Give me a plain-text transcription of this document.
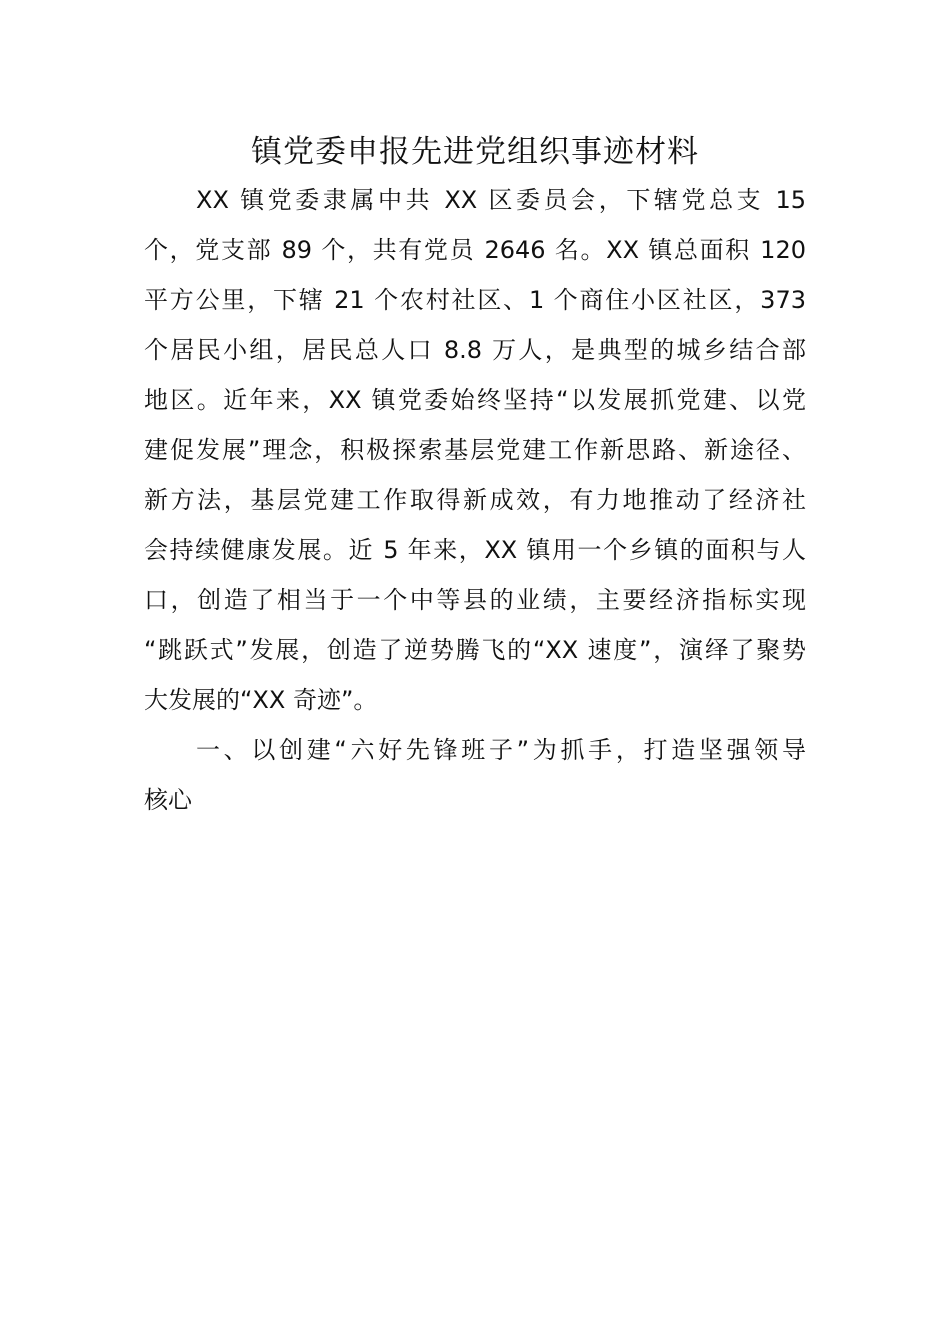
镇党委申报先进党组织事迹材料

XX 镇党委隶属中共 XX 区委员会，下辖党总支 15

个，党支部 89 个，共有党员 2646 名。XX 镇总面积 120

平方公里，下辖 21 个农村社区、1 个商住小区社区，373

个居民小组，居民总人口 8.8 万人，是典型的城乡结合部

地区。近年来，XX 镇党委始终坚持“以发展抓党建、以党

建促发展”理念，积极探索基层党建工作新思路、新途径、

新方法，基层党建工作取得新成效，有力地推动了经济社

会持续健康发展。近 5 年来，XX 镇用一个乡镇的面积与人

口，创造了相当于一个中等县的业绩，主要经济指标实现

“跳跃式”发展，创造了逆势腾飞的“XX 速度”，演绎了聚势

大发展的“XX 奇迹”。

一、以创建“六好先锋班子”为抓手，打造坚强领导

核心
